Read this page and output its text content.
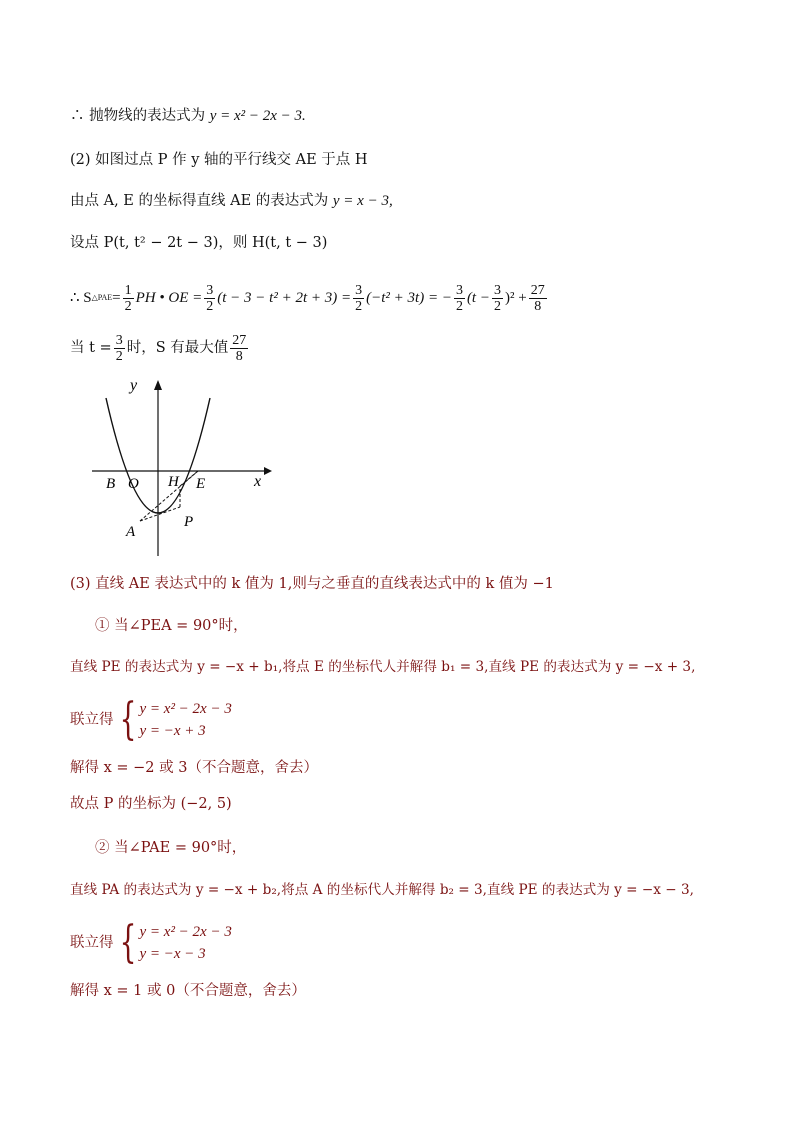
∴ 抛物线的表达式为 y = x² − 2x − 3.
(2) 如图过点 P 作 y 轴的平行线交 AE 于点 H
由点 A, E 的坐标得直线 AE 的表达式为 y = x − 3,
设点 P(t, t² − 2t − 3)，则 H(t, t − 3)
∴ S △PAE = $\frac{1}{2}$ PH • OE = $\frac{3}{2} (t - 3 - t^2 + 2t + 3) = \frac{3}{2} (-t^2 + 3t)$ = − $\frac{3}{2} (t - \frac{3}{2} )^2 + \frac{27}{8}$
当 $t = \frac{3}{2}$ 时，S 有最大值 $\frac{27}{8}$
y
x
B O H E
A
P
(3) 直线 AE 表达式中的 k 值为 1,则与之垂直的直线表达式中的 k 值为 −1
① 当∠PEA = 90°时，
直线 PE 的表达式为 y = −x + b₁,将点 E 的坐标代人并解得 b₁ = 3,直线 PE 的表达式为 y = −x + 3,
联立得 { y = x² − 2x − 3
y = −x + 3
解得 x = −2 或 3（不合题意，舍去）
故点 P 的坐标为 (−2, 5)
② 当∠PAE = 90°时，
直线 PA 的表达式为 y = −x + b₂,将点 A 的坐标代人并解得 b₂ = 3,直线 PE 的表达式为 y = −x − 3,
联立得 { y = x² − 2x − 3
y = −x − 3
解得 x = 1 或 0（不合题意，舍去）
